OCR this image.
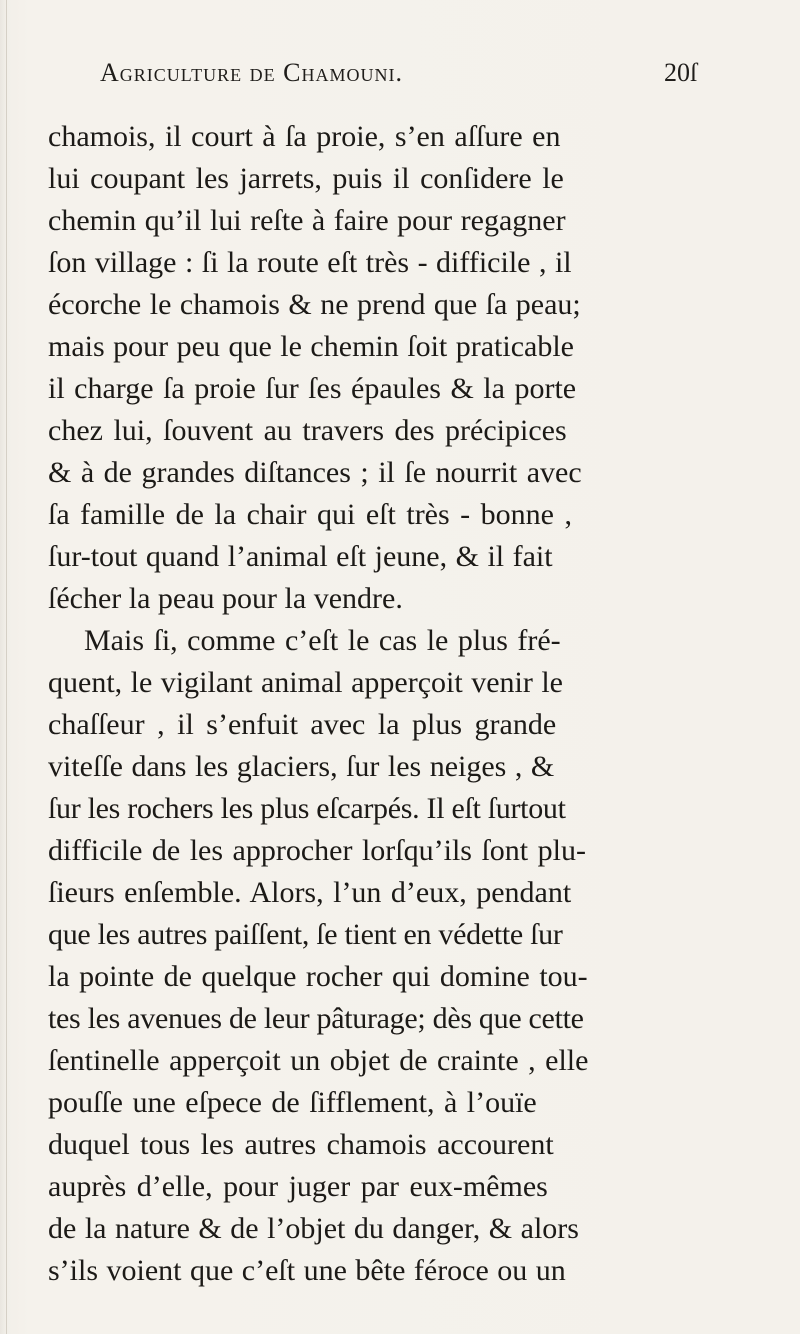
Agriculture de Chamouni.	20ſ
chamois, il court à ſa proie, s’en aſſure en
lui coupant les jarrets, puis il conſidere le
chemin qu’il lui reſte à faire pour regagner
ſon village : ſi la route eſt très - difficile , il
écorche le chamois & ne prend que ſa peau;
mais pour peu que le chemin ſoit praticable
il charge ſa proie ſur ſes épaules & la porte
chez lui, ſouvent au travers des précipices
& à de grandes diſtances ; il ſe nourrit avec
ſa famille de la chair qui eſt très - bonne ,
ſur-tout quand l’animal eſt jeune, & il fait
ſécher la peau pour la vendre.
Mais ſi, comme c’eſt le cas le plus fré-
quent, le vigilant animal apperçoit venir le
chaſſeur , il s’enfuit avec la plus grande
viteſſe dans les glaciers, ſur les neiges , &
ſur les rochers les plus eſcarpés. Il eſt ſurtout
difficile de les approcher lorſqu’ils ſont plu-
ſieurs enſemble. Alors, l’un d’eux, pendant
que les autres paiſſent, ſe tient en védette ſur
la pointe de quelque rocher qui domine tou-
tes les avenues de leur pâturage; dès que cette
ſentinelle apperçoit un objet de crainte , elle
pouſſe une eſpece de ſifflement, à l’ouïe
duquel tous les autres chamois accourent
auprès d’elle, pour juger par eux-mêmes
de la nature & de l’objet du danger, & alors
s’ils voient que c’eſt une bête féroce ou un
